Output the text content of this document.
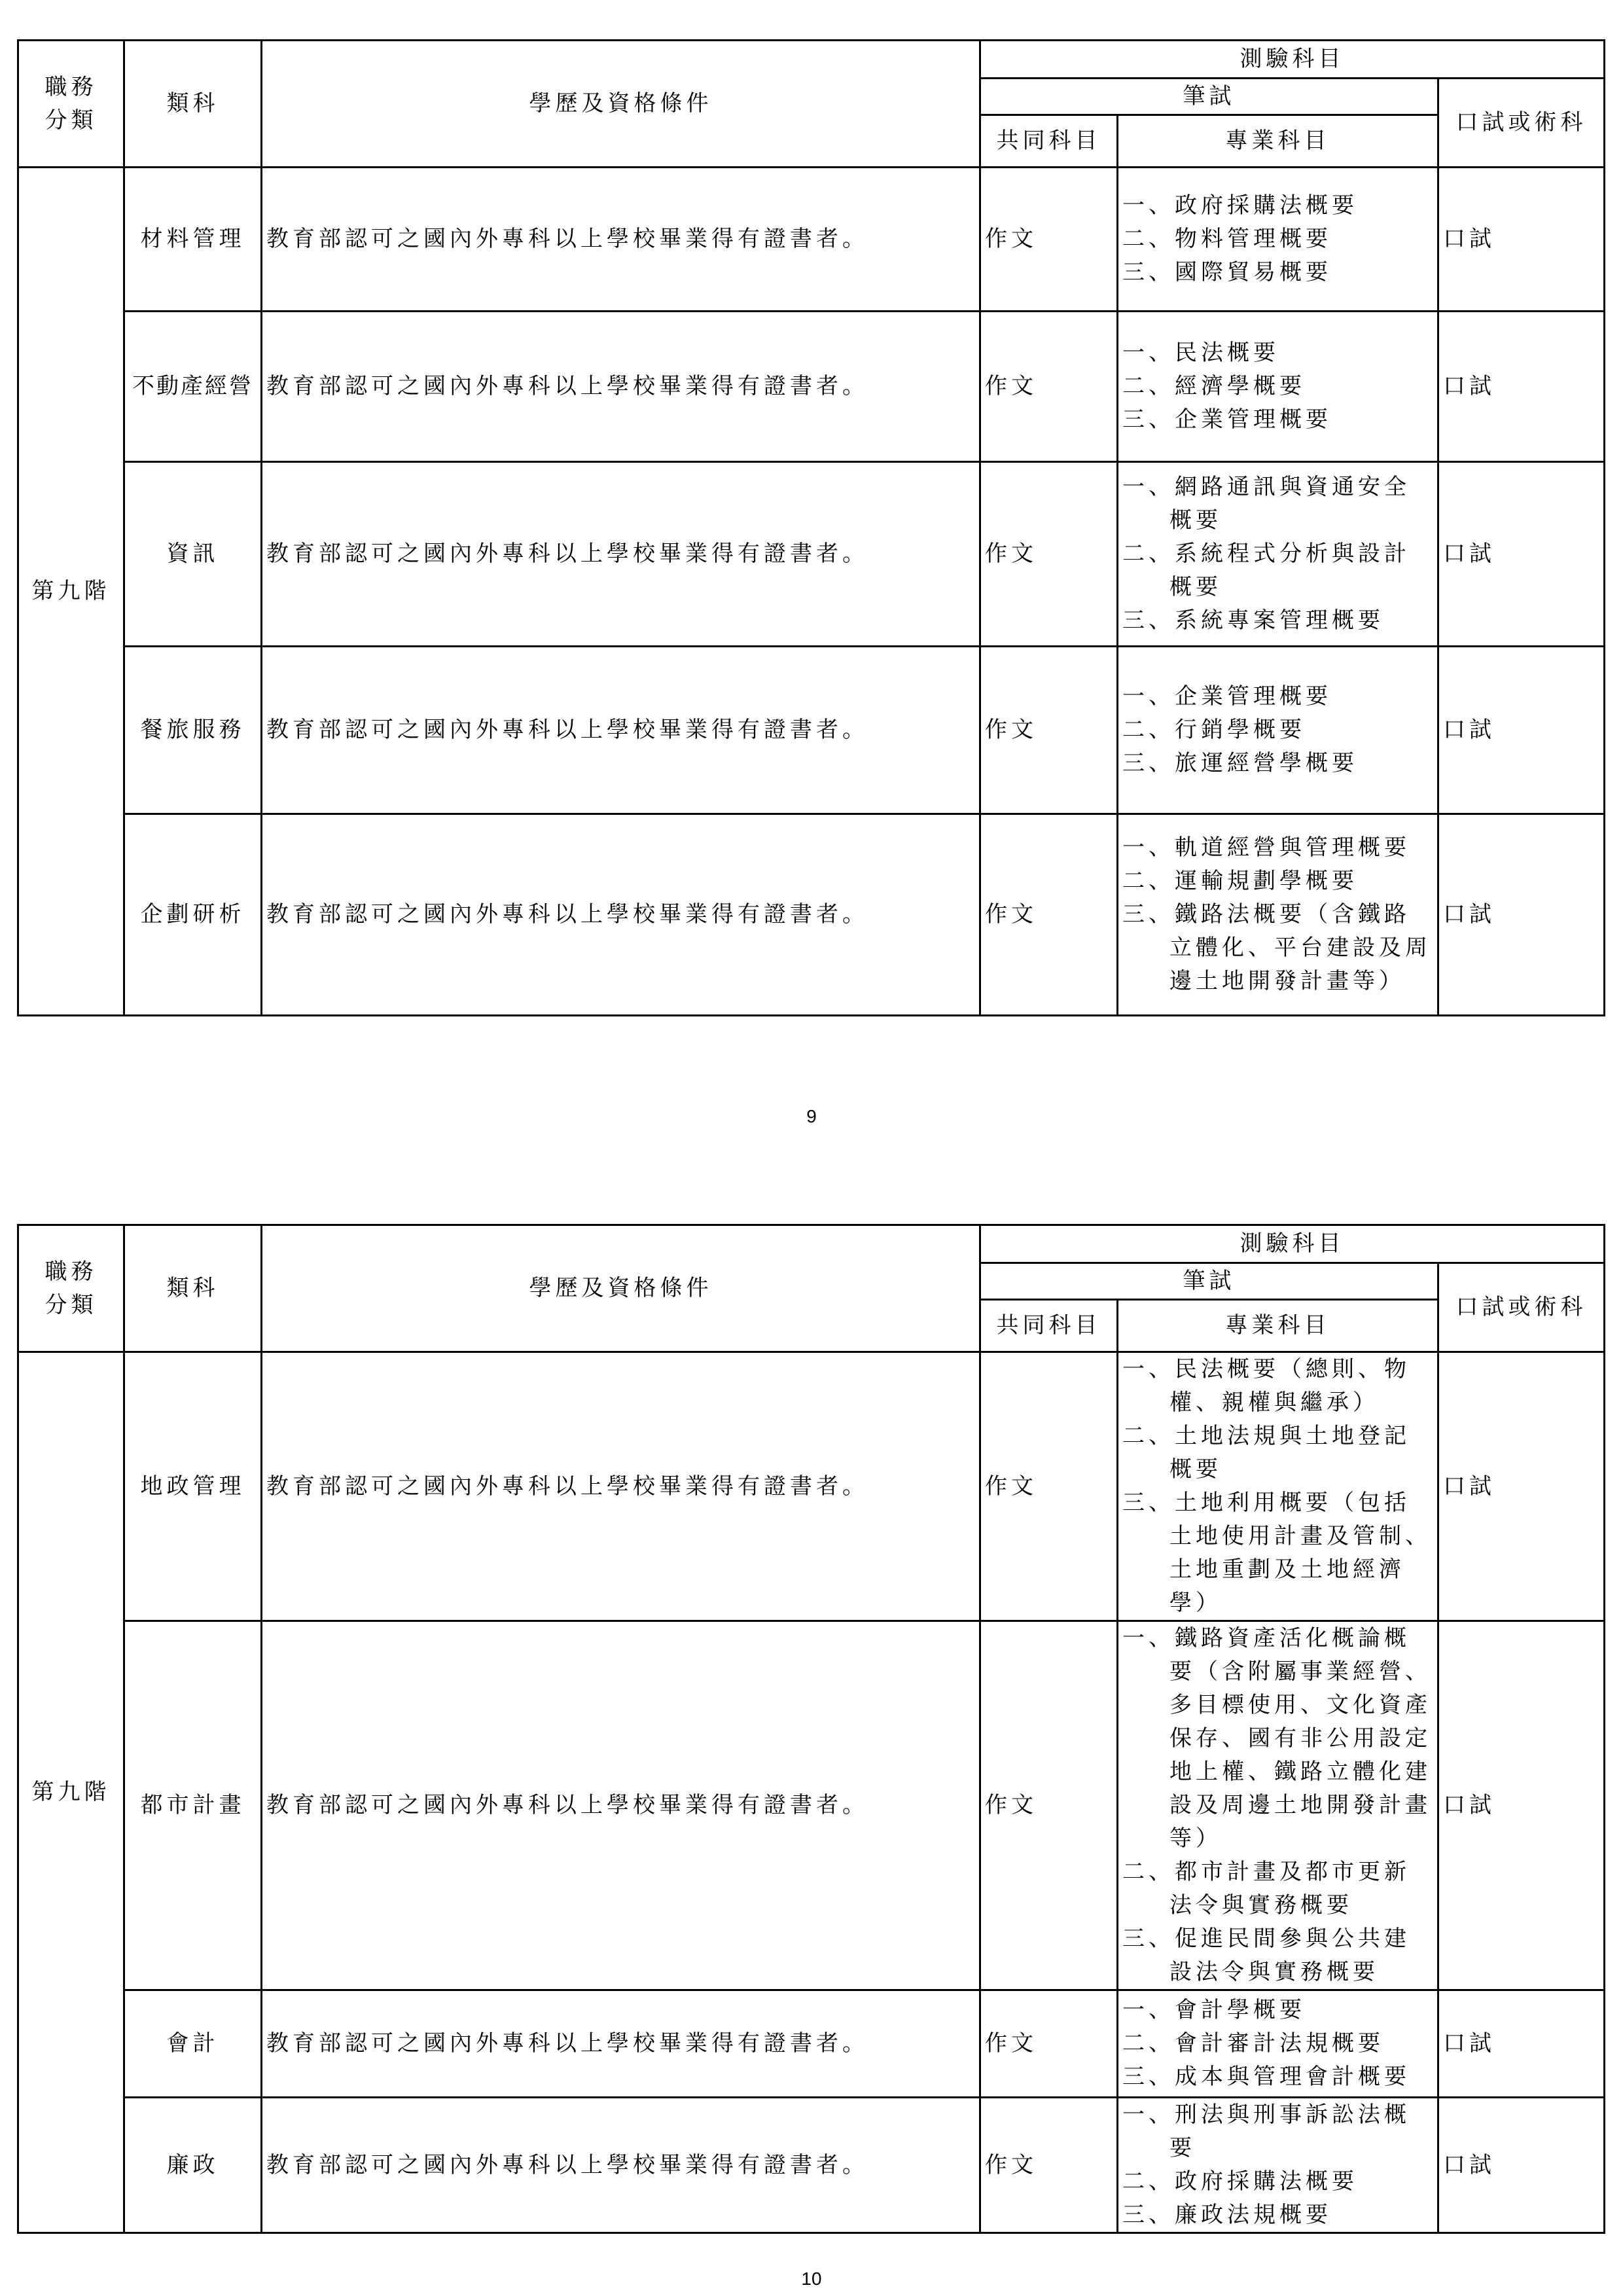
職務
分類	類科	學歷及資格條件	測驗科目		
			筆試		口試或術科
			共同科目	專業科目	
第九階	材料管理	教育部認可之國內外專科以上學校畢業得有證書者。	作文	一、政府採購法概要
二、物料管理概要
三、國際貿易概要	口試
	不動產經營	教育部認可之國內外專科以上學校畢業得有證書者。	作文	一、民法概要
二、經濟學概要
三、企業管理概要	口試
	資訊	教育部認可之國內外專科以上學校畢業得有證書者。	作文	一、網路通訊與資通安全概要
二、系統程式分析與設計概要
三、系統專案管理概要	口試
	餐旅服務	教育部認可之國內外專科以上學校畢業得有證書者。	作文	一、企業管理概要
二、行銷學概要
三、旅運經營學概要	口試
	企劃研析	教育部認可之國內外專科以上學校畢業得有證書者。	作文	一、軌道經營與管理概要
二、運輸規劃學概要
三、鐵路法概要（含鐵路立體化、平台建設及周邊土地開發計畫等）	口試
9
職務
分類	類科	學歷及資格條件	測驗科目		
			筆試		口試或術科
			共同科目	專業科目	
第九階	地政管理	教育部認可之國內外專科以上學校畢業得有證書者。	作文	一、民法概要（總則、物權、親權與繼承）
二、土地法規與土地登記概要
三、土地利用概要（包括土地使用計畫及管制、土地重劃及土地經濟學）	口試
	都市計畫	教育部認可之國內外專科以上學校畢業得有證書者。	作文	一、鐵路資產活化概論概要（含附屬事業經營、多目標使用、文化資產保存、國有非公用設定地上權、鐵路立體化建設及周邊土地開發計畫等）
二、都市計畫及都市更新法令與實務概要
三、促進民間參與公共建設法令與實務概要	口試
	會計	教育部認可之國內外專科以上學校畢業得有證書者。	作文	一、會計學概要
二、會計審計法規概要
三、成本與管理會計概要	口試
	廉政	教育部認可之國內外專科以上學校畢業得有證書者。	作文	一、刑法與刑事訴訟法概要
二、政府採購法概要
三、廉政法規概要	口試
10
